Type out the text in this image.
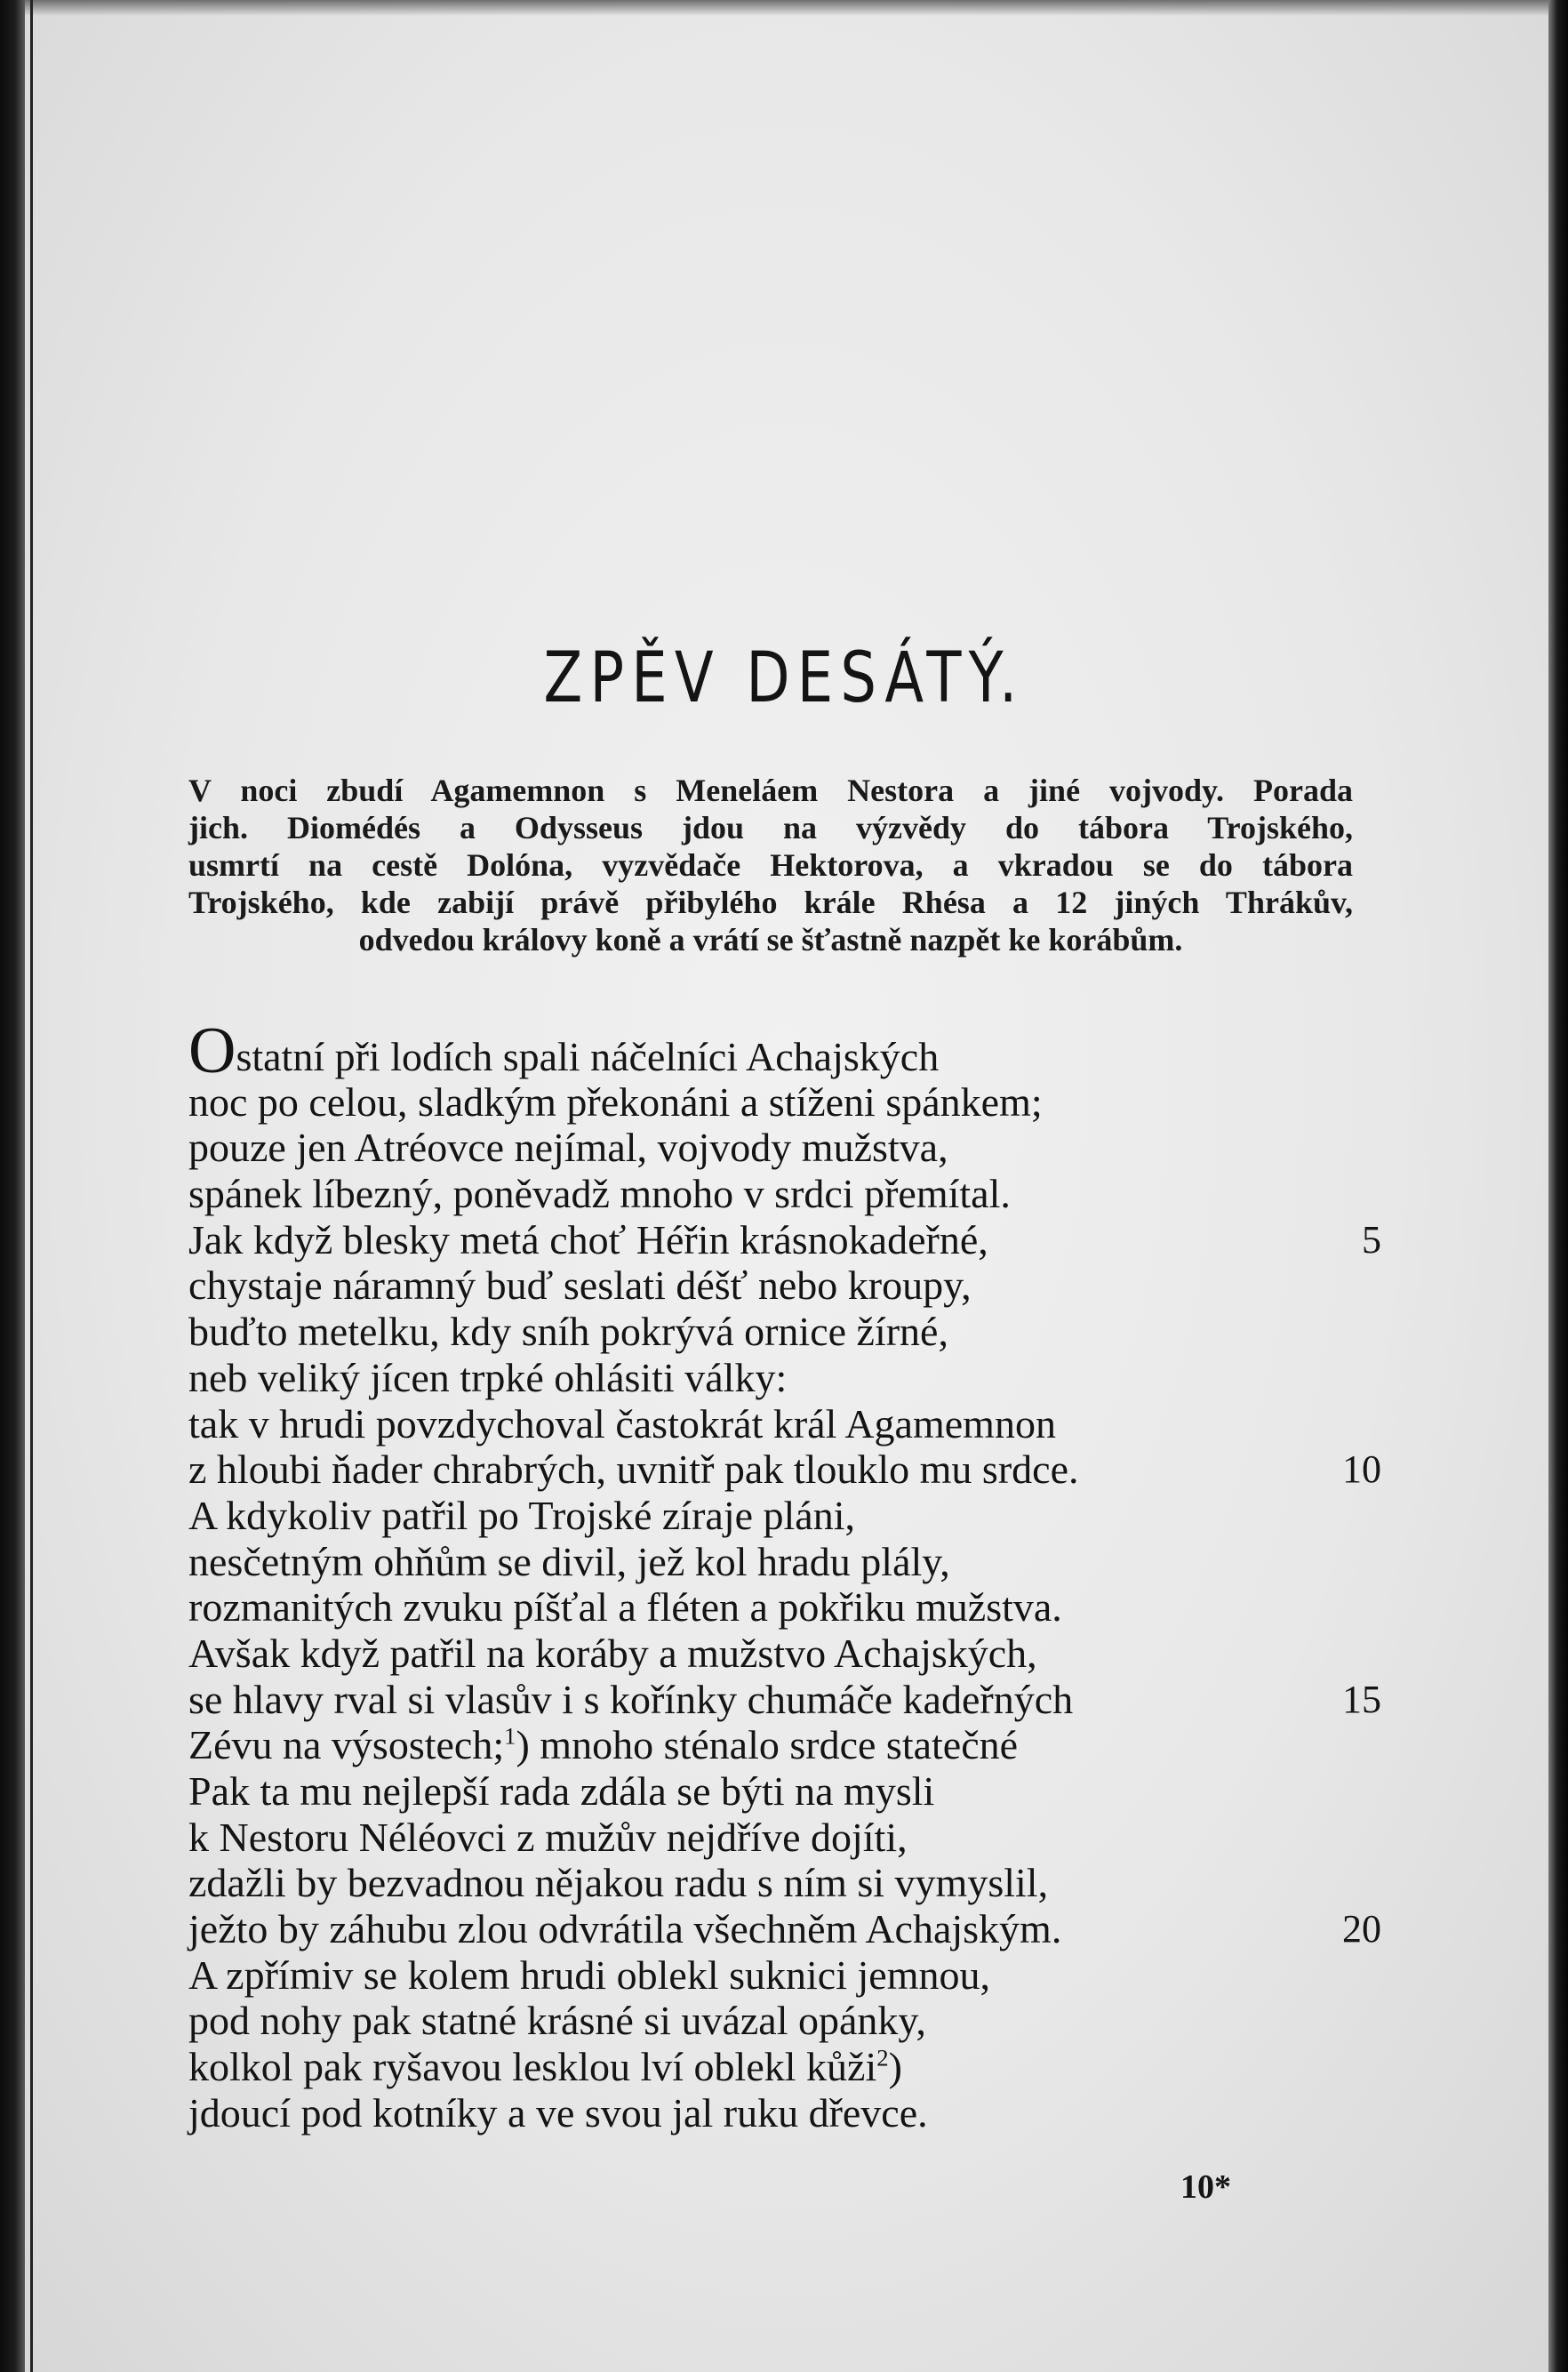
ZPĚV DESÁTÝ.
V noci zbudí Agamemnon s Meneláem Nestora a jiné vojvody. Porada
jich. Diomédés a Odysseus jdou na výzvědy do tábora Trojského,
usmrtí na cestě Dolóna, vyzvědače Hektorova, a vkradou se do tábora
Trojského, kde zabijí právě přibylého krále Rhésa a 12 jiných Thrákův,
odvedou královy koně a vrátí se šťastně nazpět ke korábům.
Ostatní při lodích spali náčelníci Achajských
noc po celou, sladkým překonáni a stíženi spánkem;
pouze jen Atréovce nejímal, vojvody mužstva,
spánek líbezný, poněvadž mnoho v srdci přemítal.
Jak když blesky metá choť Héřin krásnokadeřné,	5
chystaje náramný buď seslati déšť nebo kroupy,
buďto metelku, kdy sníh pokrývá ornice žírné,
neb veliký jícen trpké ohlásiti války:
tak v hrudi povzdychoval častokrát král Agamemnon
z hloubi ňader chrabrých, uvnitř pak tlouklo mu srdce.	10
A kdykoliv patřil po Trojské zíraje pláni,
nesčetným ohňům se divil, jež kol hradu plály,
rozmanitých zvuku píšťal a fléten a pokřiku mužstva.
Avšak když patřil na koráby a mužstvo Achajských,
se hlavy rval si vlasův i s kořínky chumáče kadeřných	15
Zévu na výsostech;$^1$) mnoho sténalo srdce statečné
Pak ta mu nejlepší rada zdála se býti na mysli
k Nestoru Néléovci z mužův nejdříve dojíti,
zdažli by bezvadnou nějakou radu s ním si vymyslil,
ježto by záhubu zlou odvrátila všechněm Achajským.	20
A zpřímiv se kolem hrudi oblekl suknici jemnou,
pod nohy pak statné krásné si uvázal opánky,
kolkol pak ryšavou lesklou lví oblekl kůži$^2$)
jdoucí pod kotníky a ve svou jal ruku dřevce.
10*
